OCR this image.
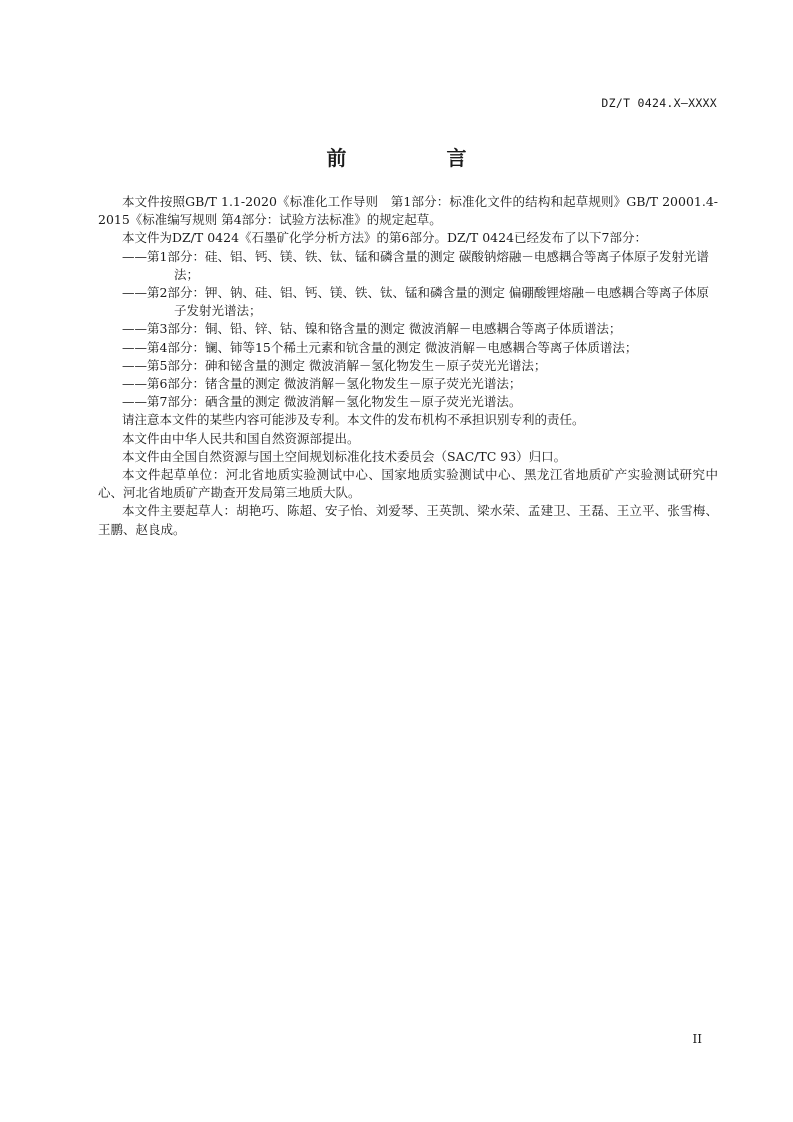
DZ/T 0424.X—XXXX
前　言

本文件按照GB/T 1.1-2020《标准化工作导则　第1部分：标准化文件的结构和起草规则》GB/T 20001.4-2015《标准编写规则 第4部分：试验方法标准》的规定起草。

本文件为DZ/T 0424《石墨矿化学分析方法》的第6部分。DZ/T 0424已经发布了以下7部分：

——第1部分：硅、铝、钙、镁、铁、钛、锰和磷含量的测定 碳酸钠熔融－电感耦合等离子体原子发射光谱法；

——第2部分：钾、钠、硅、铝、钙、镁、铁、钛、锰和磷含量的测定 偏硼酸锂熔融－电感耦合等离子体原子发射光谱法；

——第3部分：铜、铅、锌、钴、镍和铬含量的测定 微波消解－电感耦合等离子体质谱法；

——第4部分：镧、铈等15个稀土元素和钪含量的测定 微波消解－电感耦合等离子体质谱法；

——第5部分：砷和铋含量的测定 微波消解－氢化物发生－原子荧光光谱法；

——第6部分：锗含量的测定 微波消解－氢化物发生－原子荧光光谱法；

——第7部分：硒含量的测定 微波消解－氢化物发生－原子荧光光谱法。

请注意本文件的某些内容可能涉及专利。本文件的发布机构不承担识别专利的责任。

本文件由中华人民共和国自然资源部提出。

本文件由全国自然资源与国土空间规划标准化技术委员会（SAC/TC 93）归口。

本文件起草单位：河北省地质实验测试中心、国家地质实验测试中心、黑龙江省地质矿产实验测试研究中心、河北省地质矿产勘查开发局第三地质大队。

本文件主要起草人：胡艳巧、陈超、安子怡、刘爱琴、王英凯、梁水荣、孟建卫、王磊、王立平、张雪梅、王鹏、赵良成。

II
